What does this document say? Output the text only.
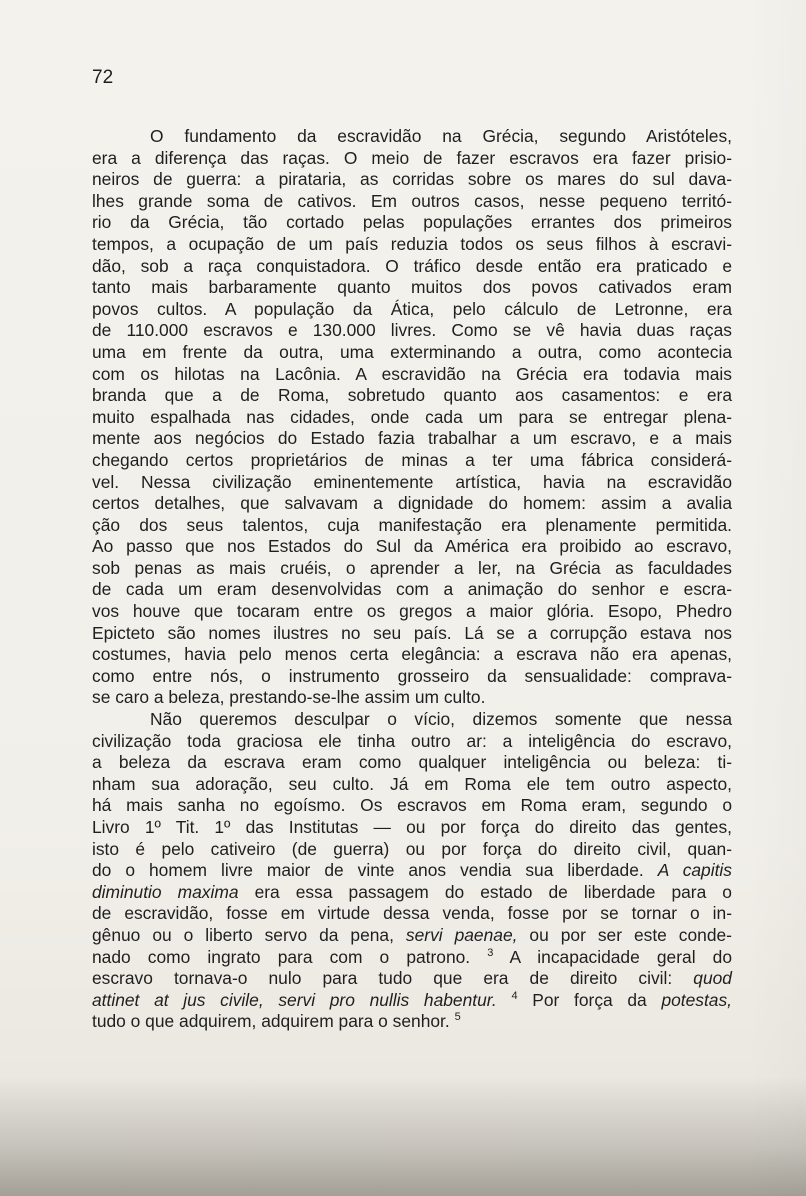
72
O fundamento da escravidão na Grécia, segundo Aristóteles,
era a diferença das raças. O meio de fazer escravos era fazer prisio-
neiros de guerra: a pirataria, as corridas sobre os mares do sul dava-
lhes grande soma de cativos. Em outros casos, nesse pequeno territó-
rio da Grécia, tão cortado pelas populações errantes dos primeiros
tempos, a ocupação de um país reduzia todos os seus filhos à escravi-
dão, sob a raça conquistadora. O tráfico desde então era praticado e
tanto mais barbaramente quanto muitos dos povos cativados eram
povos cultos. A população da Ática, pelo cálculo de Letronne, era
de 110.000 escravos e 130.000 livres. Como se vê havia duas raças
uma em frente da outra, uma exterminando a outra, como acontecia
com os hilotas na Lacônia. A escravidão na Grécia era todavia mais
branda que a de Roma, sobretudo quanto aos casamentos: e era
muito espalhada nas cidades, onde cada um para se entregar plena-
mente aos negócios do Estado fazia trabalhar a um escravo, e a mais
chegando certos proprietários de minas a ter uma fábrica considerá-
vel. Nessa civilização eminentemente artística, havia na escravidão
certos detalhes, que salvavam a dignidade do homem: assim a avalia
ção dos seus talentos, cuja manifestação era plenamente permitida.
Ao passo que nos Estados do Sul da América era proibido ao escravo,
sob penas as mais cruéis, o aprender a ler, na Grécia as faculdades
de cada um eram desenvolvidas com a animação do senhor e escra-
vos houve que tocaram entre os gregos a maior glória. Esopo, Phedro
Epicteto são nomes ilustres no seu país. Lá se a corrupção estava nos
costumes, havia pelo menos certa elegância: a escrava não era apenas,
como entre nós, o instrumento grosseiro da sensualidade: comprava-
se caro a beleza, prestando-se-lhe assim um culto.
Não queremos desculpar o vício, dizemos somente que nessa
civilização toda graciosa ele tinha outro ar: a inteligência do escravo,
a beleza da escrava eram como qualquer inteligência ou beleza: ti-
nham sua adoração, seu culto. Já em Roma ele tem outro aspecto,
há mais sanha no egoísmo. Os escravos em Roma eram, segundo o
Livro 1º Tit. 1º das Institutas — ou por força do direito das gentes,
isto é pelo cativeiro (de guerra) ou por força do direito civil, quan-
do o homem livre maior de vinte anos vendia sua liberdade. A capitis
diminutio maxima era essa passagem do estado de liberdade para o
de escravidão, fosse em virtude dessa venda, fosse por se tornar o in-
gênuo ou o liberto servo da pena, servi paenae, ou por ser este conde-
nado como ingrato para com o patrono. $^3$ A incapacidade geral do
escravo tornava-o nulo para tudo que era de direito civil: quod
attinet at jus civile, servi pro nullis habentur. $^4$ Por força da potestas,
tudo o que adquirem, adquirem para o senhor. $^5$
